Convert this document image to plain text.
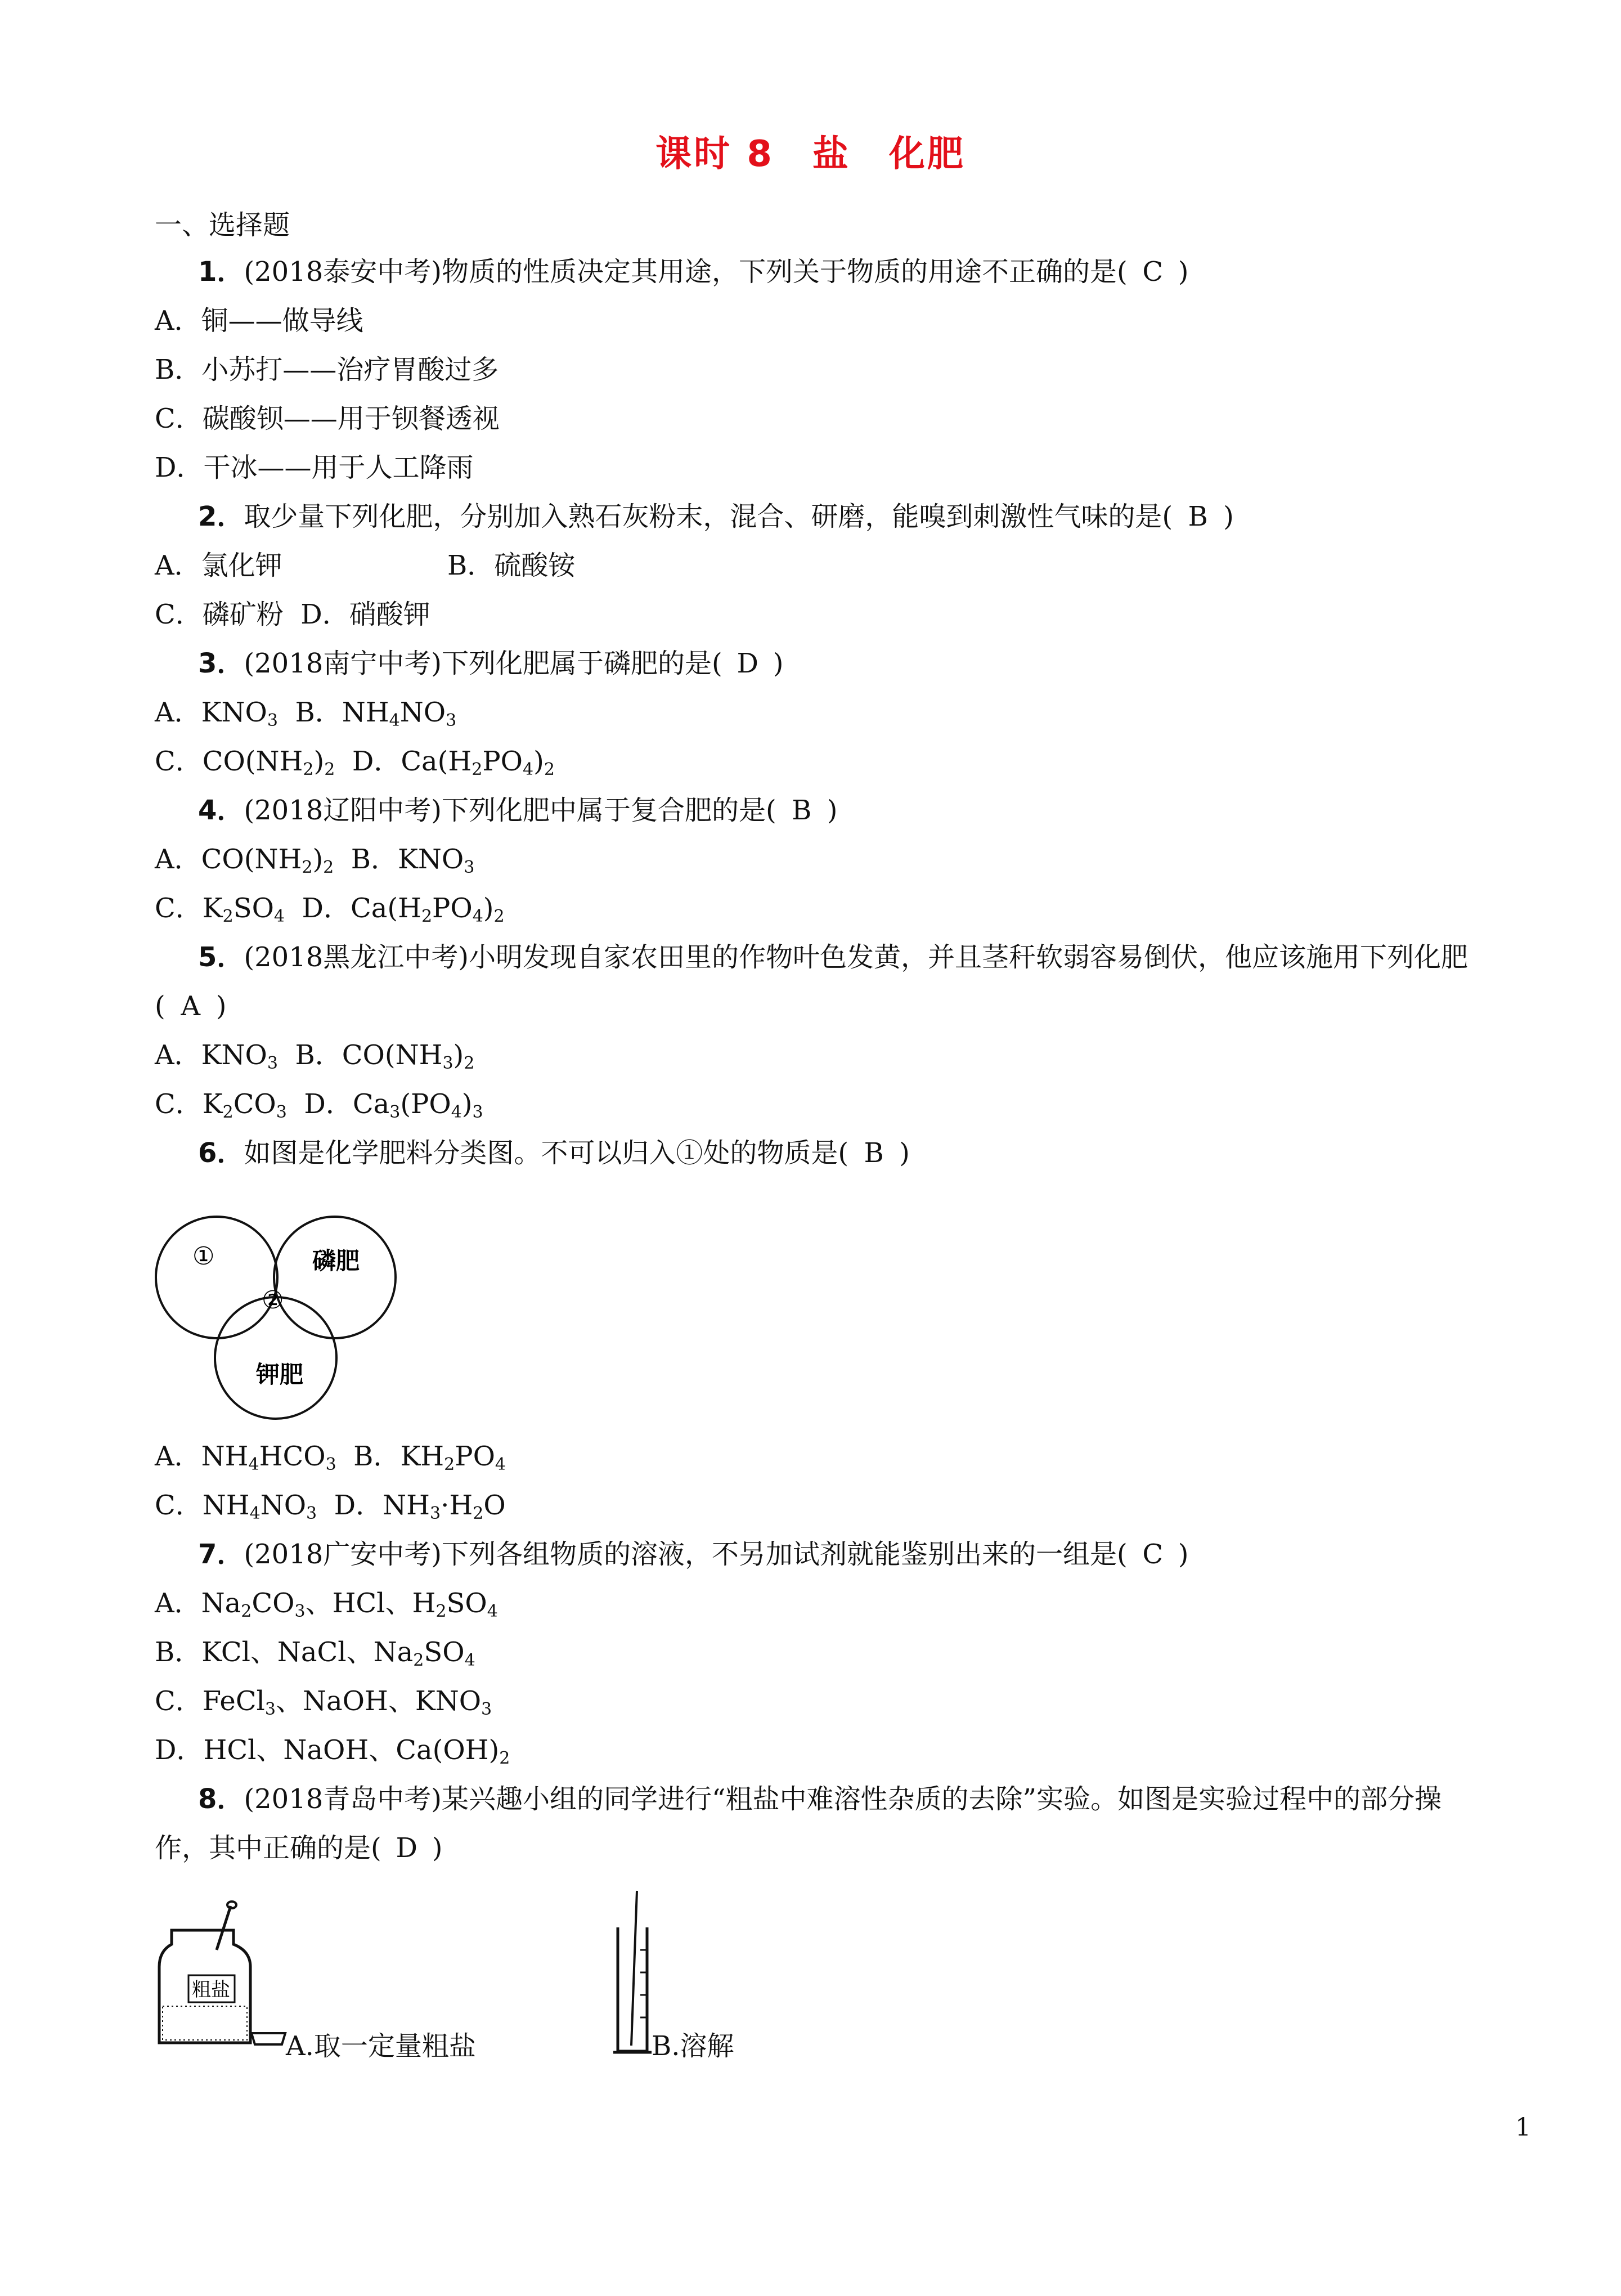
课时 8　盐　化肥
一、选择题
1．(2018泰安中考)物质的性质决定其用途，下列关于物质的用途不正确的是( C )
A．铜——做导线
B．小苏打——治疗胃酸过多
C．碳酸钡——用于钡餐透视
D．干冰——用于人工降雨
2．取少量下列化肥，分别加入熟石灰粉末，混合、研磨，能嗅到刺激性气味的是( B )
A．氯化钾	B．硫酸铵
C．磷矿粉 D．硝酸钾
3．(2018南宁中考)下列化肥属于磷肥的是( D )
A．$KNO_3$  B．$NH_4NO_3$
C．$CO(NH_2)_2$  D．$Ca(H_2PO_4)_2$
4．(2018辽阳中考)下列化肥中属于复合肥的是( B )
A．$CO(NH_2)_2$  B．$KNO_3$
C．$K_2SO_4$  D．$Ca(H_2PO_4)_2$
5．(2018黑龙江中考)小明发现自家农田里的作物叶色发黄，并且茎秆软弱容易倒伏，他应该施用下列化肥
( A )
A．$KNO_3$  B．$CO(NH_3)_2$
C．$K_2CO_3$  D．$Ca_3(PO_4)_3$
6．如图是化学肥料分类图。不可以归入①处的物质是( B )
①
②
磷肥
钾肥
A．$NH_4HCO_3$  B．$KH_2PO_4$
C．$NH_4NO_3$  D．$NH_3\cdot H_2O$
7．(2018广安中考)下列各组物质的溶液，不另加试剂就能鉴别出来的一组是( C )
A．$Na_2CO_3$、HCl、$H_2SO_4$
B．KCl、NaCl、$Na_2SO_4$
C．FeCl$_3$、NaOH、$KNO_3$
D．HCl、NaOH、$Ca(OH)_2$
8．(2018青岛中考)某兴趣小组的同学进行“粗盐中难溶性杂质的去除”实验。如图是实验过程中的部分操
作，其中正确的是( D )
粗盐
A.取一定量粗盐	B.溶解
1
